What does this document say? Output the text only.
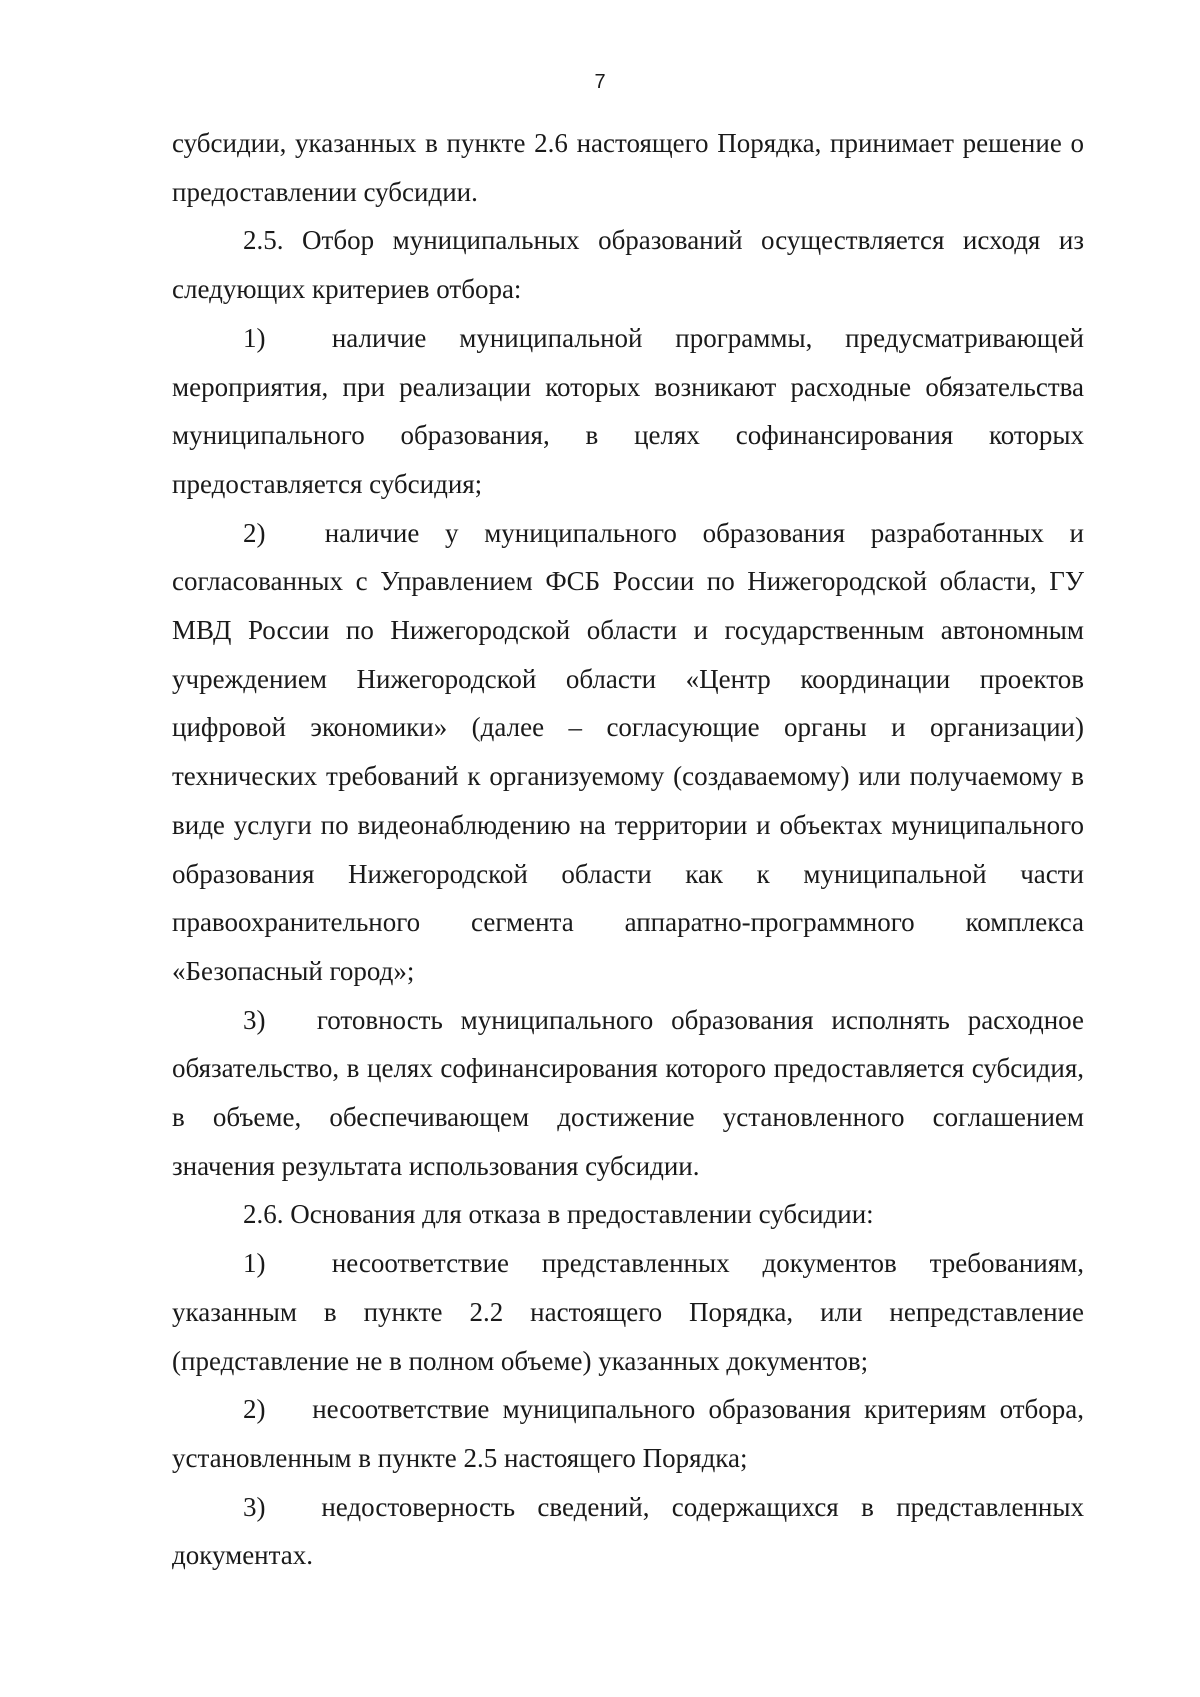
7

субсидии, указанных в пункте 2.6 настоящего Порядка, принимает решение о предоставлении субсидии.

2.5. Отбор муниципальных образований осуществляется исходя из следующих критериев отбора:

1) наличие муниципальной программы, предусматривающей мероприятия, при реализации которых возникают расходные обязательства муниципального образования, в целях софинансирования которых предоставляется субсидия;

2) наличие у муниципального образования разработанных и согласованных с Управлением ФСБ России по Нижегородской области, ГУ МВД России по Нижегородской области и государственным автономным учреждением Нижегородской области «Центр координации проектов цифровой экономики» (далее – согласующие органы и организации) технических требований к организуемому (создаваемому) или получаемому в виде услуги по видеонаблюдению на территории и объектах муниципального образования Нижегородской области как к муниципальной части правоохранительного сегмента аппаратно-программного комплекса «Безопасный город»;

3) готовность муниципального образования исполнять расходное обязательство, в целях софинансирования которого предоставляется субсидия, в объеме, обеспечивающем достижение установленного соглашением значения результата использования субсидии.

2.6. Основания для отказа в предоставлении субсидии:

1) несоответствие представленных документов требованиям, указанным в пункте 2.2 настоящего Порядка, или непредставление (представление не в полном объеме) указанных документов;

2) несоответствие муниципального образования критериям отбора, установленным в пункте 2.5 настоящего Порядка;

3) недостоверность сведений, содержащихся в представленных документах.
